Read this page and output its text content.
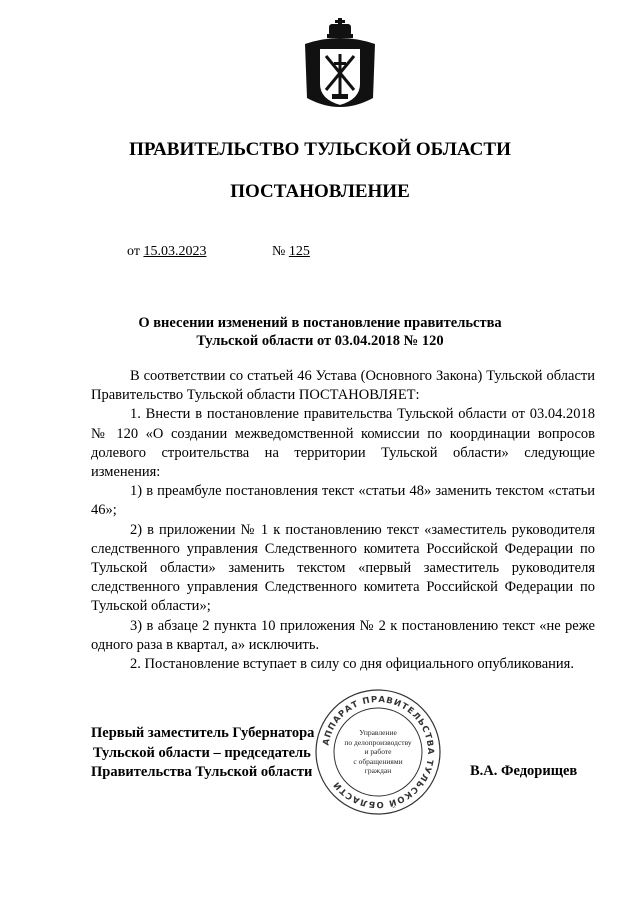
ПРАВИТЕЛЬСТВО ТУЛЬСКОЙ ОБЛАСТИ
ПОСТАНОВЛЕНИЕ
от 15.03.2023	№ 125
О внесении изменений в постановление правительства
Тульской области от 03.04.2018 № 120

В соответствии со статьей 46 Устава (Основного Закона) Тульской области Правительство Тульской области ПОСТАНОВЛЯЕТ:

1. Внести в постановление правительства Тульской области от 03.04.2018 № 120 «О создании межведомственной комиссии по координации вопросов долевого строительства на территории Тульской области» следующие изменения:

1) в преамбуле постановления текст «статьи 48» заменить текстом «статьи 46»;

2) в приложении № 1 к постановлению текст «заместитель руководителя следственного управления Следственного комитета Российской Федерации по Тульской области» заменить текстом «первый заместитель руководителя следственного управления Следственного комитета Российской Федерации по Тульской области»;

3) в абзаце 2 пункта 10 приложения № 2 к постановлению текст «не реже одного раза в квартал, а» исключить.

2. Постановление вступает в силу со дня официального опубликования.

АППАРАТ ПРАВИТЕЛЬСТВА ТУЛЬСКОЙ ОБЛАСТИ
Управление
по делопроизводству
и работе
с обращениями
граждан
Первый заместитель Губернатора
Тульской области – председатель
Правительства Тульской области	В.А. Федорищев
